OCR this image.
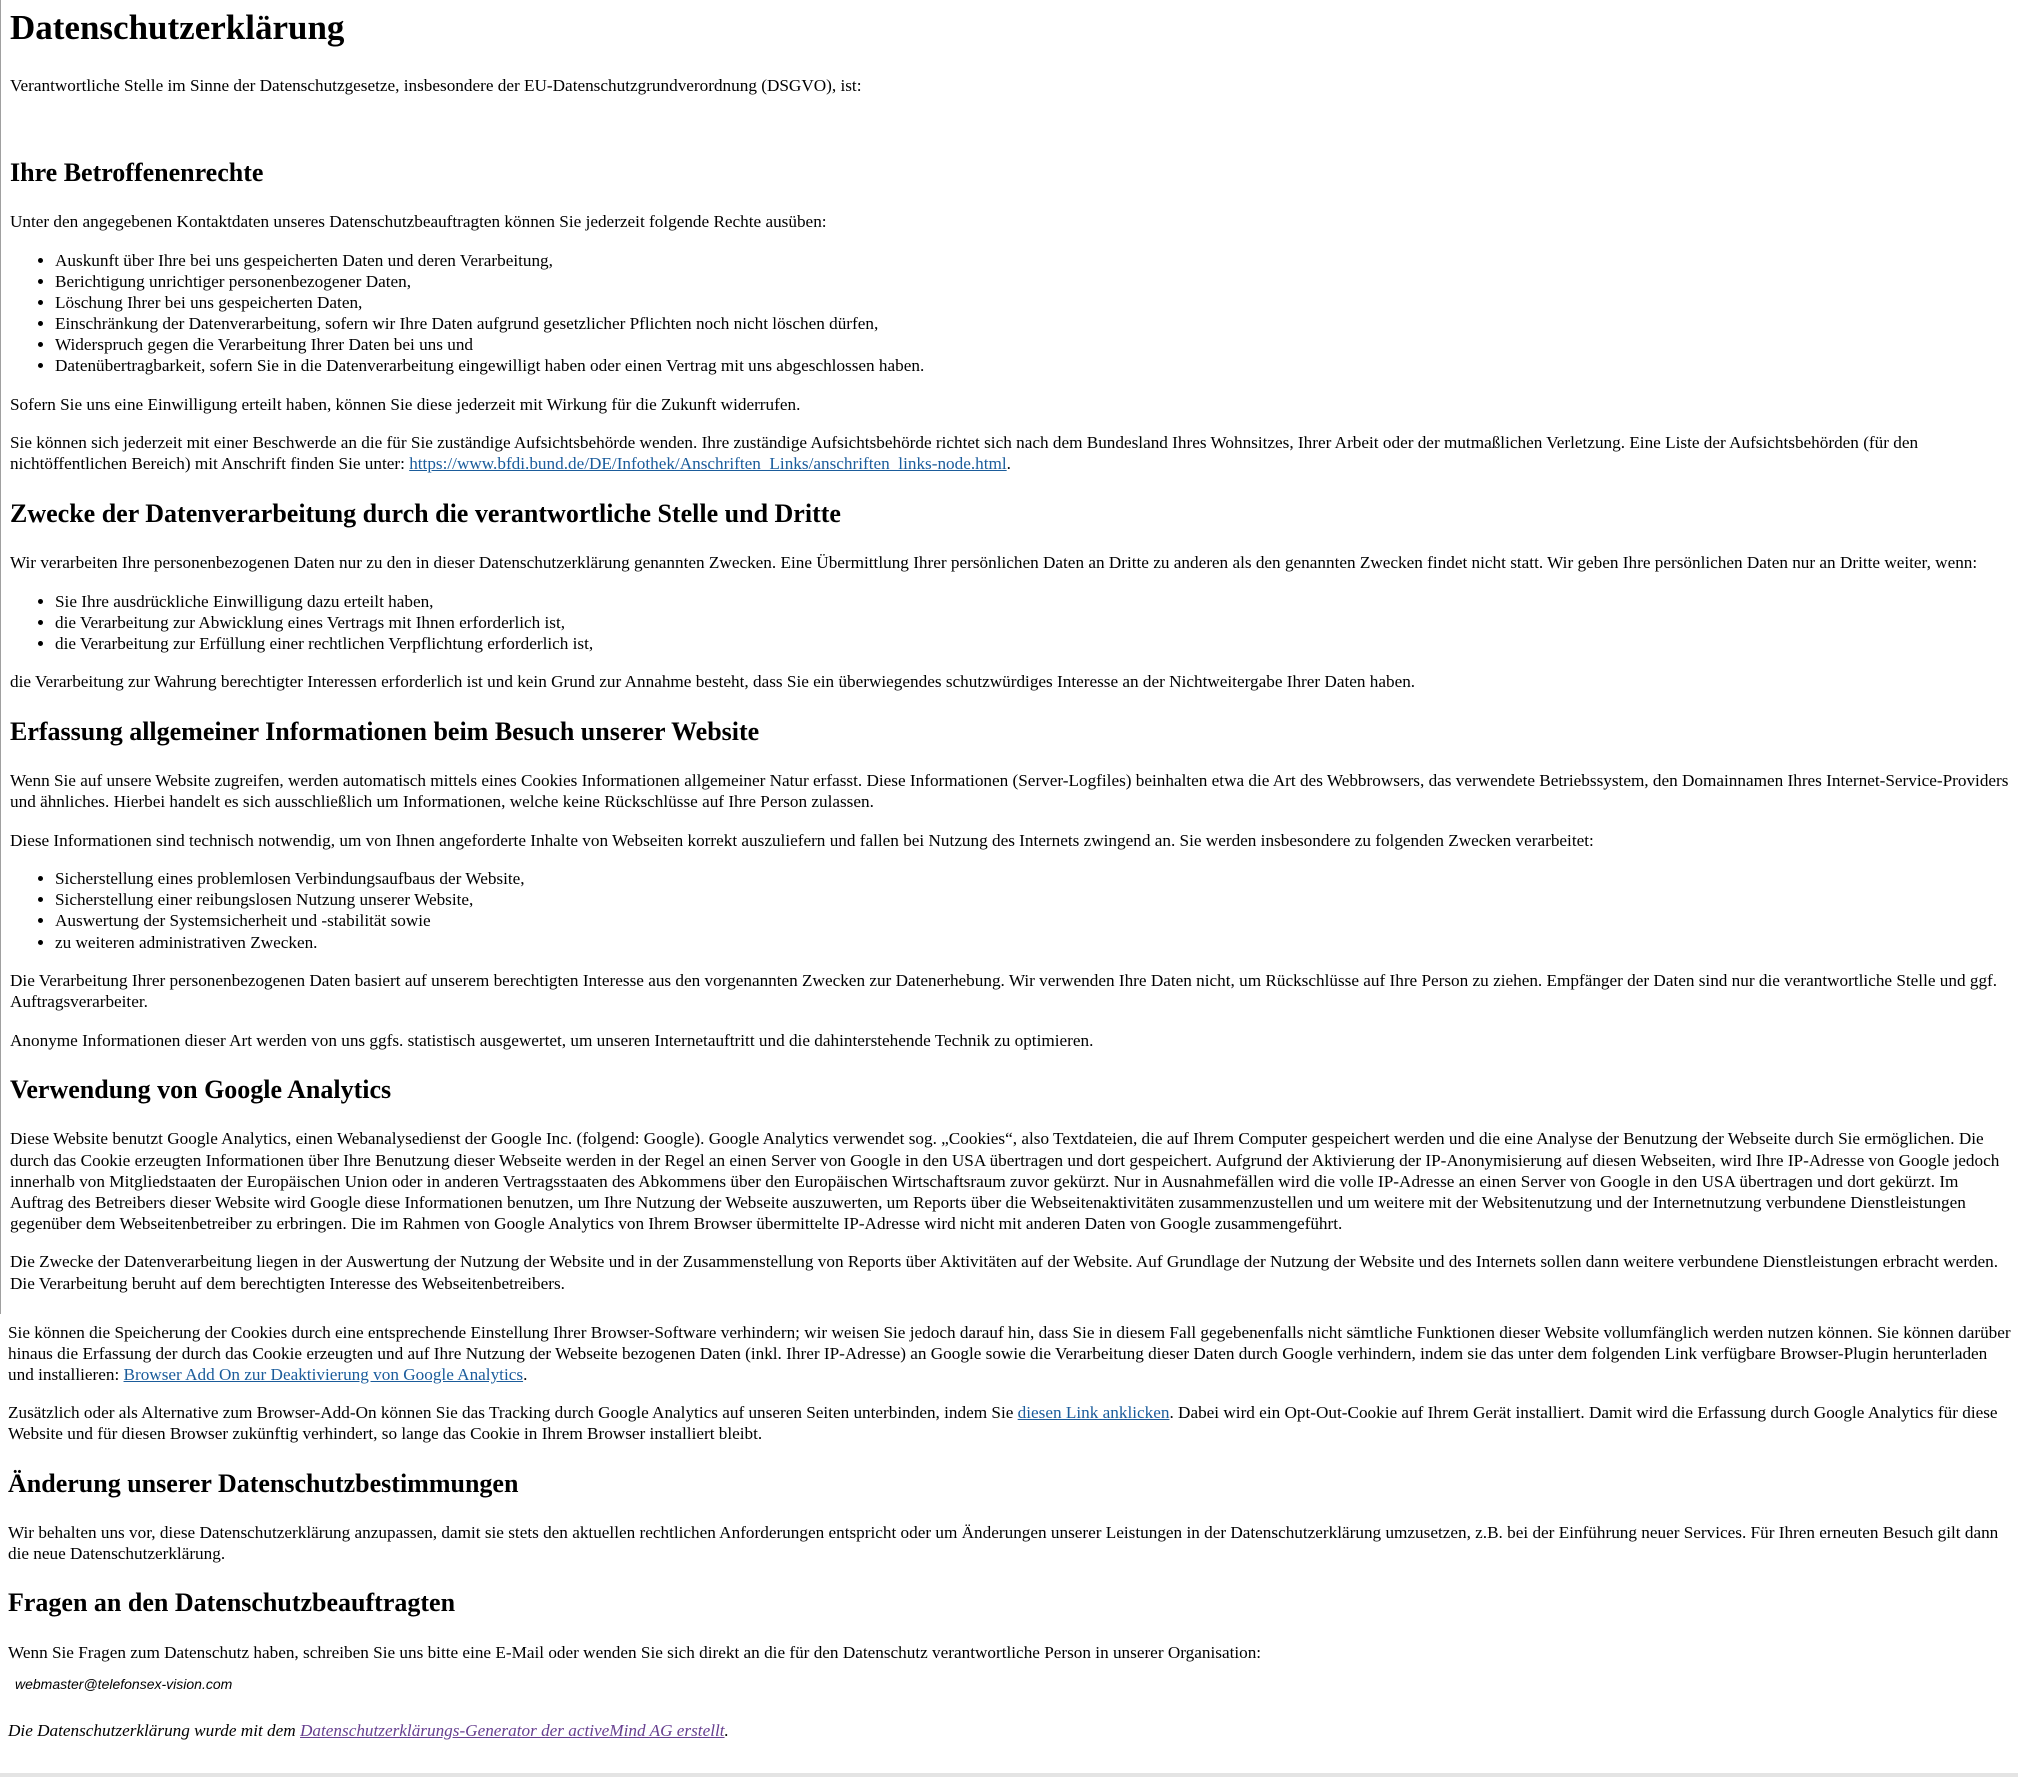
Datenschutzerklärung

Verantwortliche Stelle im Sinne der Datenschutzgesetze, insbesondere der EU-Datenschutzgrundverordnung (DSGVO), ist:

Ihre Betroffenenrechte

Unter den angegebenen Kontaktdaten unseres Datenschutzbeauftragten können Sie jederzeit folgende Rechte ausüben:

• Auskunft über Ihre bei uns gespeicherten Daten und deren Verarbeitung,
• Berichtigung unrichtiger personenbezogener Daten,
• Löschung Ihrer bei uns gespeicherten Daten,
• Einschränkung der Datenverarbeitung, sofern wir Ihre Daten aufgrund gesetzlicher Pflichten noch nicht löschen dürfen,
• Widerspruch gegen die Verarbeitung Ihrer Daten bei uns und
• Datenübertragbarkeit, sofern Sie in die Datenverarbeitung eingewilligt haben oder einen Vertrag mit uns abgeschlossen haben.

Sofern Sie uns eine Einwilligung erteilt haben, können Sie diese jederzeit mit Wirkung für die Zukunft widerrufen.

Sie können sich jederzeit mit einer Beschwerde an die für Sie zuständige Aufsichtsbehörde wenden. Ihre zuständige Aufsichtsbehörde richtet sich nach dem Bundesland Ihres Wohnsitzes, Ihrer Arbeit oder der mutmaßlichen Verletzung. Eine Liste der Aufsichtsbehörden (für den nichtöffentlichen Bereich) mit Anschrift finden Sie unter: https://www.bfdi.bund.de/DE/Infothek/Anschriften_Links/anschriften_links-node.html.

Zwecke der Datenverarbeitung durch die verantwortliche Stelle und Dritte

Wir verarbeiten Ihre personenbezogenen Daten nur zu den in dieser Datenschutzerklärung genannten Zwecken. Eine Übermittlung Ihrer persönlichen Daten an Dritte zu anderen als den genannten Zwecken findet nicht statt. Wir geben Ihre persönlichen Daten nur an Dritte weiter, wenn:

• Sie Ihre ausdrückliche Einwilligung dazu erteilt haben,
• die Verarbeitung zur Abwicklung eines Vertrags mit Ihnen erforderlich ist,
• die Verarbeitung zur Erfüllung einer rechtlichen Verpflichtung erforderlich ist,

die Verarbeitung zur Wahrung berechtigter Interessen erforderlich ist und kein Grund zur Annahme besteht, dass Sie ein überwiegendes schutzwürdiges Interesse an der Nichtweitergabe Ihrer Daten haben.

Erfassung allgemeiner Informationen beim Besuch unserer Website

Wenn Sie auf unsere Website zugreifen, werden automatisch mittels eines Cookies Informationen allgemeiner Natur erfasst. Diese Informationen (Server-Logfiles) beinhalten etwa die Art des Webbrowsers, das verwendete Betriebssystem, den Domainnamen Ihres Internet-Service-Providers und ähnliches. Hierbei handelt es sich ausschließlich um Informationen, welche keine Rückschlüsse auf Ihre Person zulassen.

Diese Informationen sind technisch notwendig, um von Ihnen angeforderte Inhalte von Webseiten korrekt auszuliefern und fallen bei Nutzung des Internets zwingend an. Sie werden insbesondere zu folgenden Zwecken verarbeitet:

• Sicherstellung eines problemlosen Verbindungsaufbaus der Website,
• Sicherstellung einer reibungslosen Nutzung unserer Website,
• Auswertung der Systemsicherheit und -stabilität sowie
• zu weiteren administrativen Zwecken.

Die Verarbeitung Ihrer personenbezogenen Daten basiert auf unserem berechtigten Interesse aus den vorgenannten Zwecken zur Datenerhebung. Wir verwenden Ihre Daten nicht, um Rückschlüsse auf Ihre Person zu ziehen. Empfänger der Daten sind nur die verantwortliche Stelle und ggf. Auftragsverarbeiter.

Anonyme Informationen dieser Art werden von uns ggfs. statistisch ausgewertet, um unseren Internetauftritt und die dahinterstehende Technik zu optimieren.

Verwendung von Google Analytics

Diese Website benutzt Google Analytics, einen Webanalysedienst der Google Inc. (folgend: Google). Google Analytics verwendet sog. „Cookies“, also Textdateien, die auf Ihrem Computer gespeichert werden und die eine Analyse der Benutzung der Webseite durch Sie ermöglichen. Die durch das Cookie erzeugten Informationen über Ihre Benutzung dieser Webseite werden in der Regel an einen Server von Google in den USA übertragen und dort gespeichert. Aufgrund der Aktivierung der IP-Anonymisierung auf diesen Webseiten, wird Ihre IP-Adresse von Google jedoch innerhalb von Mitgliedstaaten der Europäischen Union oder in anderen Vertragsstaaten des Abkommens über den Europäischen Wirtschaftsraum zuvor gekürzt. Nur in Ausnahmefällen wird die volle IP-Adresse an einen Server von Google in den USA übertragen und dort gekürzt. Im Auftrag des Betreibers dieser Website wird Google diese Informationen benutzen, um Ihre Nutzung der Webseite auszuwerten, um Reports über die Webseitenaktivitäten zusammenzustellen und um weitere mit der Websitenutzung und der Internetnutzung verbundene Dienstleistungen gegenüber dem Webseitenbetreiber zu erbringen. Die im Rahmen von Google Analytics von Ihrem Browser übermittelte IP-Adresse wird nicht mit anderen Daten von Google zusammengeführt.

Die Zwecke der Datenverarbeitung liegen in der Auswertung der Nutzung der Website und in der Zusammenstellung von Reports über Aktivitäten auf der Website. Auf Grundlage der Nutzung der Website und des Internets sollen dann weitere verbundene Dienstleistungen erbracht werden. Die Verarbeitung beruht auf dem berechtigten Interesse des Webseitenbetreibers.

Sie können die Speicherung der Cookies durch eine entsprechende Einstellung Ihrer Browser-Software verhindern; wir weisen Sie jedoch darauf hin, dass Sie in diesem Fall gegebenenfalls nicht sämtliche Funktionen dieser Website vollumfänglich werden nutzen können. Sie können darüber hinaus die Erfassung der durch das Cookie erzeugten und auf Ihre Nutzung der Webseite bezogenen Daten (inkl. Ihrer IP-Adresse) an Google sowie die Verarbeitung dieser Daten durch Google verhindern, indem sie das unter dem folgenden Link verfügbare Browser-Plugin herunterladen und installieren: Browser Add On zur Deaktivierung von Google Analytics.

Zusätzlich oder als Alternative zum Browser-Add-On können Sie das Tracking durch Google Analytics auf unseren Seiten unterbinden, indem Sie diesen Link anklicken. Dabei wird ein Opt-Out-Cookie auf Ihrem Gerät installiert. Damit wird die Erfassung durch Google Analytics für diese Website und für diesen Browser zukünftig verhindert, so lange das Cookie in Ihrem Browser installiert bleibt.

Änderung unserer Datenschutzbestimmungen

Wir behalten uns vor, diese Datenschutzerklärung anzupassen, damit sie stets den aktuellen rechtlichen Anforderungen entspricht oder um Änderungen unserer Leistungen in der Datenschutzerklärung umzusetzen, z.B. bei der Einführung neuer Services. Für Ihren erneuten Besuch gilt dann die neue Datenschutzerklärung.

Fragen an den Datenschutzbeauftragten

Wenn Sie Fragen zum Datenschutz haben, schreiben Sie uns bitte eine E-Mail oder wenden Sie sich direkt an die für den Datenschutz verantwortliche Person in unserer Organisation:

webmaster@telefonsex-vision.com

Die Datenschutzerklärung wurde mit dem Datenschutzerklärungs-Generator der activeMind AG erstellt.
